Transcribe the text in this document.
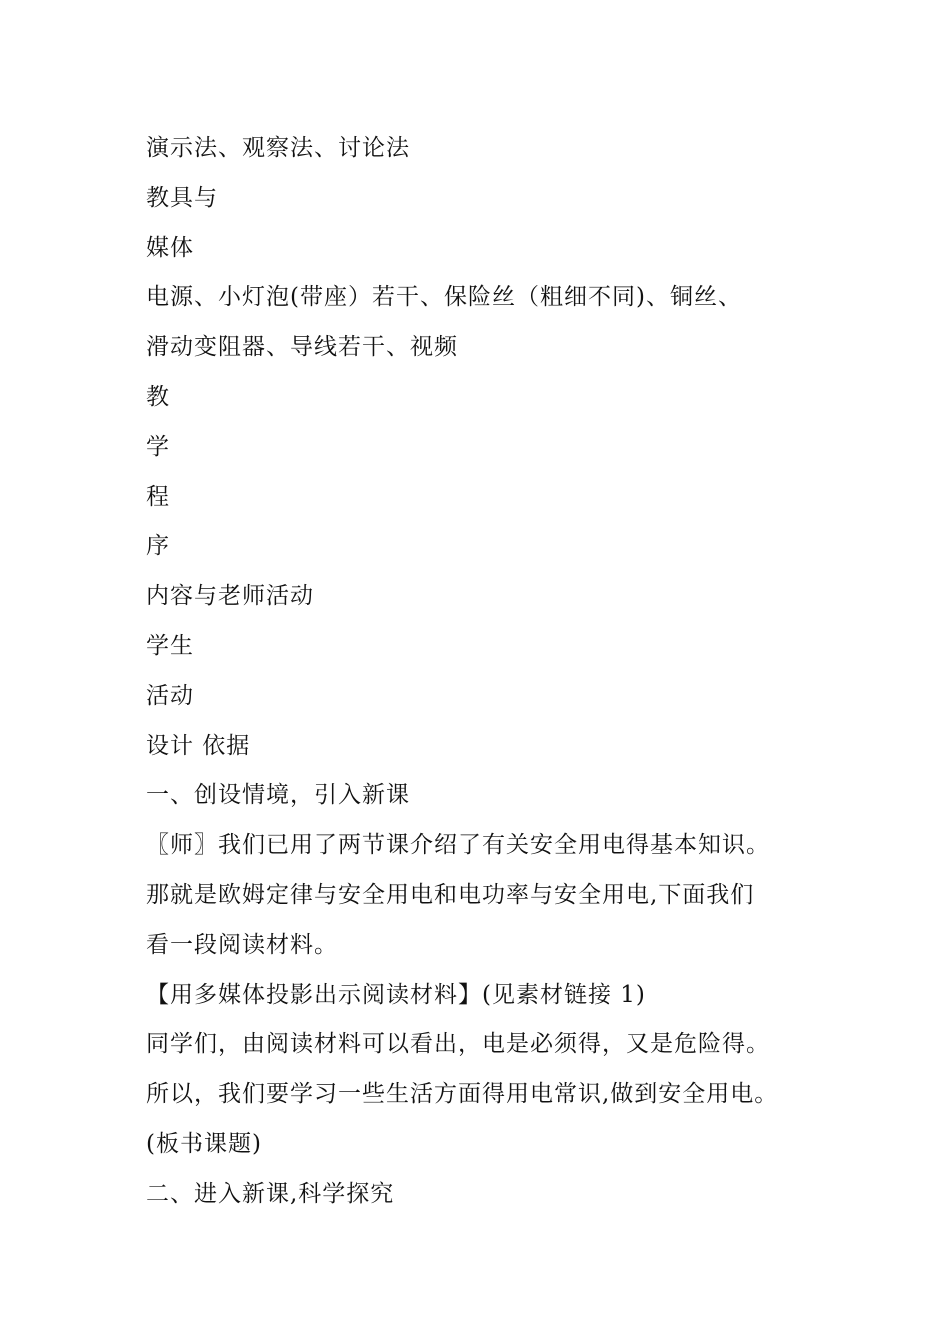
演示法、观察法、讨论法
教具与
媒体
电源、小灯泡(带座）若干、保险丝（粗细不同)、铜丝、
滑动变阻器、导线若干、视频
教
学
程
序
内容与老师活动
学生
活动
设计 依据
一、创设情境，引入新课
〖师〗我们已用了两节课介绍了有关安全用电得基本知识。
那就是欧姆定律与安全用电和电功率与安全用电,下面我们
看一段阅读材料。
【用多媒体投影出示阅读材料】(见素材链接 1)
同学们，由阅读材料可以看出，电是必须得，又是危险得。
所以，我们要学习一些生活方面得用电常识,做到安全用电。
(板书课题)
二、进入新课,科学探究
